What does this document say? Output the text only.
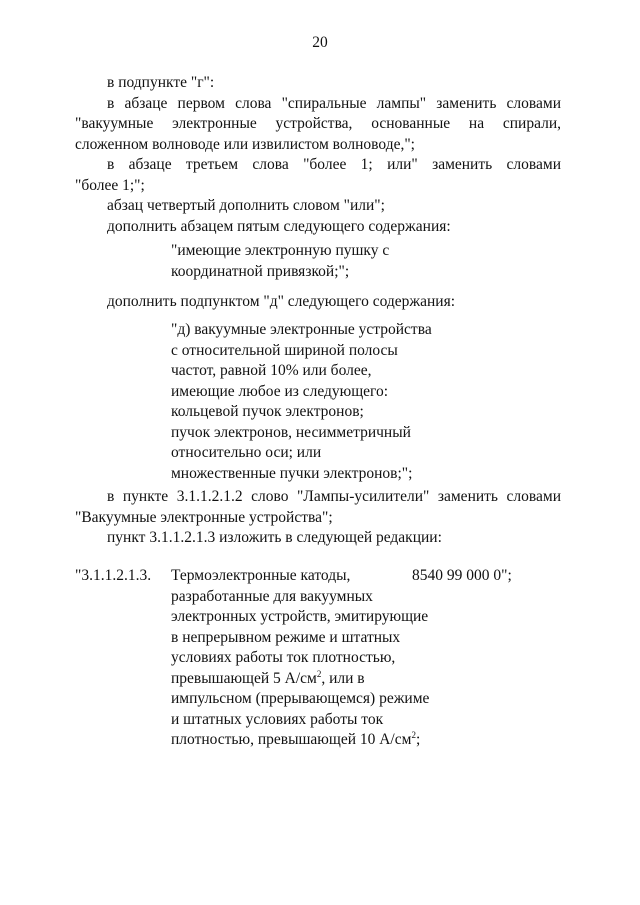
20

в подпункте "г":

в абзаце первом слова "спиральные лампы" заменить словами

"вакуумные электронные устройства, основанные на спирали,

сложенном волноводе или извилистом волноводе,";

в абзаце третьем слова "более 1; или" заменить словами

"более 1;";

абзац четвертый дополнить словом "или";

дополнить абзацем пятым следующего содержания:

"имеющие электронную пушку с
координатной привязкой;";

дополнить подпунктом "д" следующего содержания:

"д) вакуумные электронные устройства
с относительной шириной полосы
частот, равной 10% или более,
имеющие любое из следующего:
кольцевой пучок электронов;
пучок электронов, несимметричный
относительно оси; или
множественные пучки электронов;";

в пункте 3.1.1.2.1.2 слово "Лампы-усилители" заменить словами

"Вакуумные электронные устройства";

пункт 3.1.1.2.1.3 изложить в следующей редакции:

"3.1.1.2.1.3. Термоэлектронные катоды,
разработанные для вакуумных
электронных устройств, эмитирующие
в непрерывном режиме и штатных
условиях работы ток плотностью,
превышающей 5 $А/см^2$, или в
импульсном (прерывающемся) режиме
и штатных условиях работы ток
плотностью, превышающей 10 $А/см^2$;
8540 99 000 0";
